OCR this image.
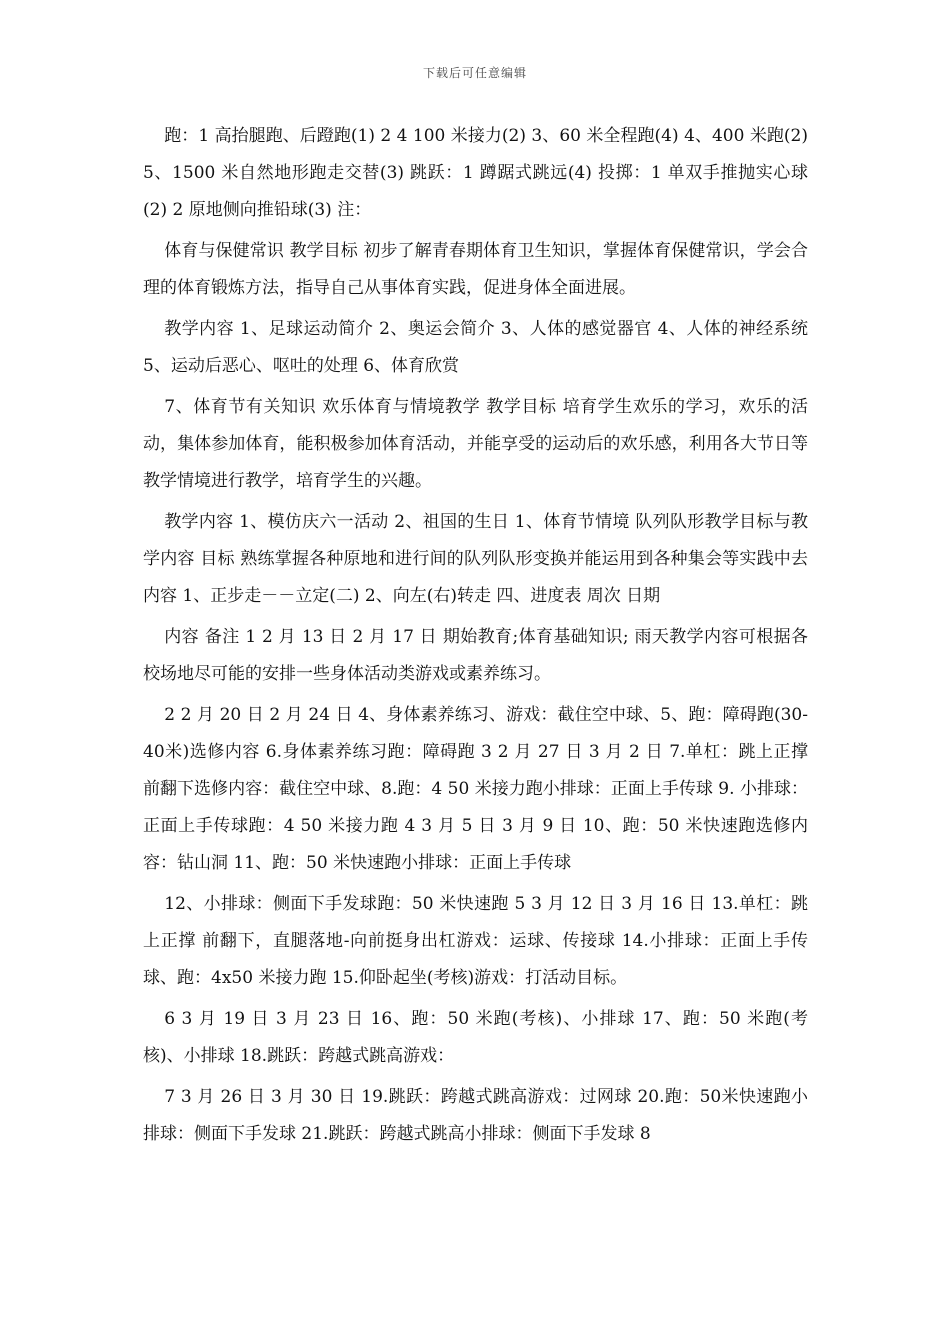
下载后可任意编辑

跑：1 高抬腿跑、后蹬跑(1) 2 4 100 米接力(2) 3、60 米全程跑(4) 4、400 米跑(2) 5、1500 米自然地形跑走交替(3) 跳跃：1 蹲踞式跳远(4) 投掷：1 单双手推抛实心球(2) 2 原地侧向推铅球(3) 注：

体育与保健常识 教学目标 初步了解青春期体育卫生知识，掌握体育保健常识，学会合理的体育锻炼方法，指导自己从事体育实践，促进身体全面进展。

教学内容 1、足球运动简介 2、奥运会简介 3、人体的感觉器官 4、人体的神经系统 5、运动后恶心、呕吐的处理 6、体育欣赏

7、体育节有关知识 欢乐体育与情境教学 教学目标 培育学生欢乐的学习，欢乐的活动，集体参加体育，能积极参加体育活动，并能享受的运动后的欢乐感，利用各大节日等教学情境进行教学，培育学生的兴趣。

教学内容 1、模仿庆六一活动 2、祖国的生日 1、体育节情境 队列队形教学目标与教学内容 目标 熟练掌握各种原地和进行间的队列队形变换并能运用到各种集会等实践中去 内容 1、正步走－－立定(二) 2、向左(右)转走 四、进度表 周次 日期

内容 备注 1 2 月 13 日 2 月 17 日 期始教育;体育基础知识; 雨天教学内容可根据各校场地尽可能的安排一些身体活动类游戏或素养练习。

2 2 月 20 日 2 月 24 日 4、身体素养练习、游戏：截住空中球、5、跑：障碍跑(30-40米)选修内容 6.身体素养练习跑：障碍跑 3 2 月 27 日 3 月 2 日 7.单杠：跳上正撑 前翻下选修内容：截住空中球、8.跑：4 50 米接力跑小排球：正面上手传球 9. 小排球：正面上手传球跑：4 50 米接力跑 4 3 月 5 日 3 月 9 日 10、跑：50 米快速跑选修内容：钻山洞 11、跑：50 米快速跑小排球：正面上手传球

12、小排球：侧面下手发球跑：50 米快速跑 5 3 月 12 日 3 月 16 日 13.单杠：跳上正撑 前翻下，直腿落地-向前挺身出杠游戏：运球、传接球 14.小排球：正面上手传球、跑：4x50 米接力跑 15.仰卧起坐(考核)游戏：打活动目标。

6 3 月 19 日 3 月 23 日 16、跑：50 米跑(考核)、小排球 17、跑：50 米跑(考核)、小排球 18.跳跃：跨越式跳高游戏：

7 3 月 26 日 3 月 30 日 19.跳跃：跨越式跳高游戏：过网球 20.跑：50米快速跑小排球：侧面下手发球 21.跳跃：跨越式跳高小排球：侧面下手发球 8
